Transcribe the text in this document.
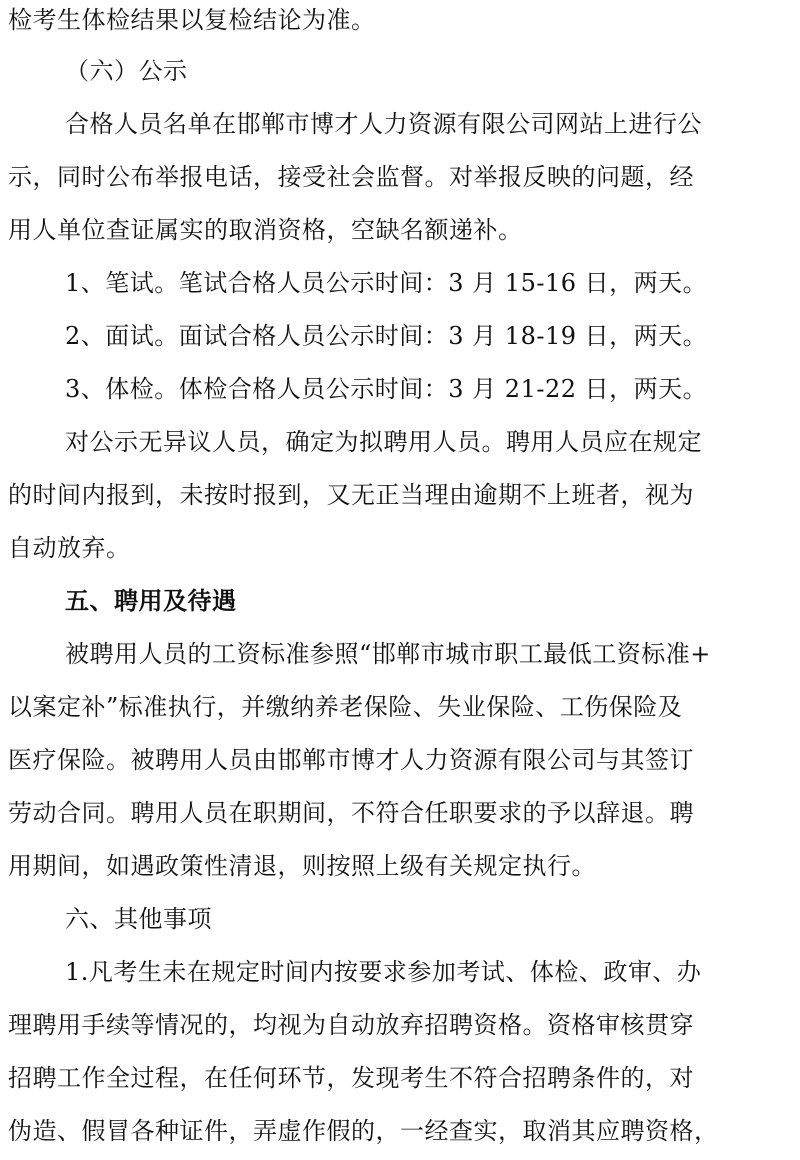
检考生体检结果以复检结论为准。
（六）公示
合格人员名单在邯郸市博才人力资源有限公司网站上进行公
示，同时公布举报电话，接受社会监督。对举报反映的问题，经
用人单位查证属实的取消资格，空缺名额递补。
1、笔试。笔试合格人员公示时间：3 月 15-16 日，两天。
2、面试。面试合格人员公示时间：3 月 18-19 日，两天。
3、体检。体检合格人员公示时间：3 月 21-22 日，两天。
对公示无异议人员，确定为拟聘用人员。聘用人员应在规定
的时间内报到，未按时报到，又无正当理由逾期不上班者，视为
自动放弃。
五、聘用及待遇
被聘用人员的工资标准参照“邯郸市城市职工最低工资标准+
以案定补”标准执行，并缴纳养老保险、失业保险、工伤保险及
医疗保险。被聘用人员由邯郸市博才人力资源有限公司与其签订
劳动合同。聘用人员在职期间，不符合任职要求的予以辞退。聘
用期间，如遇政策性清退，则按照上级有关规定执行。
六、其他事项
1.凡考生未在规定时间内按要求参加考试、体检、政审、办
理聘用手续等情况的，均视为自动放弃招聘资格。资格审核贯穿
招聘工作全过程，在任何环节，发现考生不符合招聘条件的，对
伪造、假冒各种证件，弄虚作假的，一经查实，取消其应聘资格，
